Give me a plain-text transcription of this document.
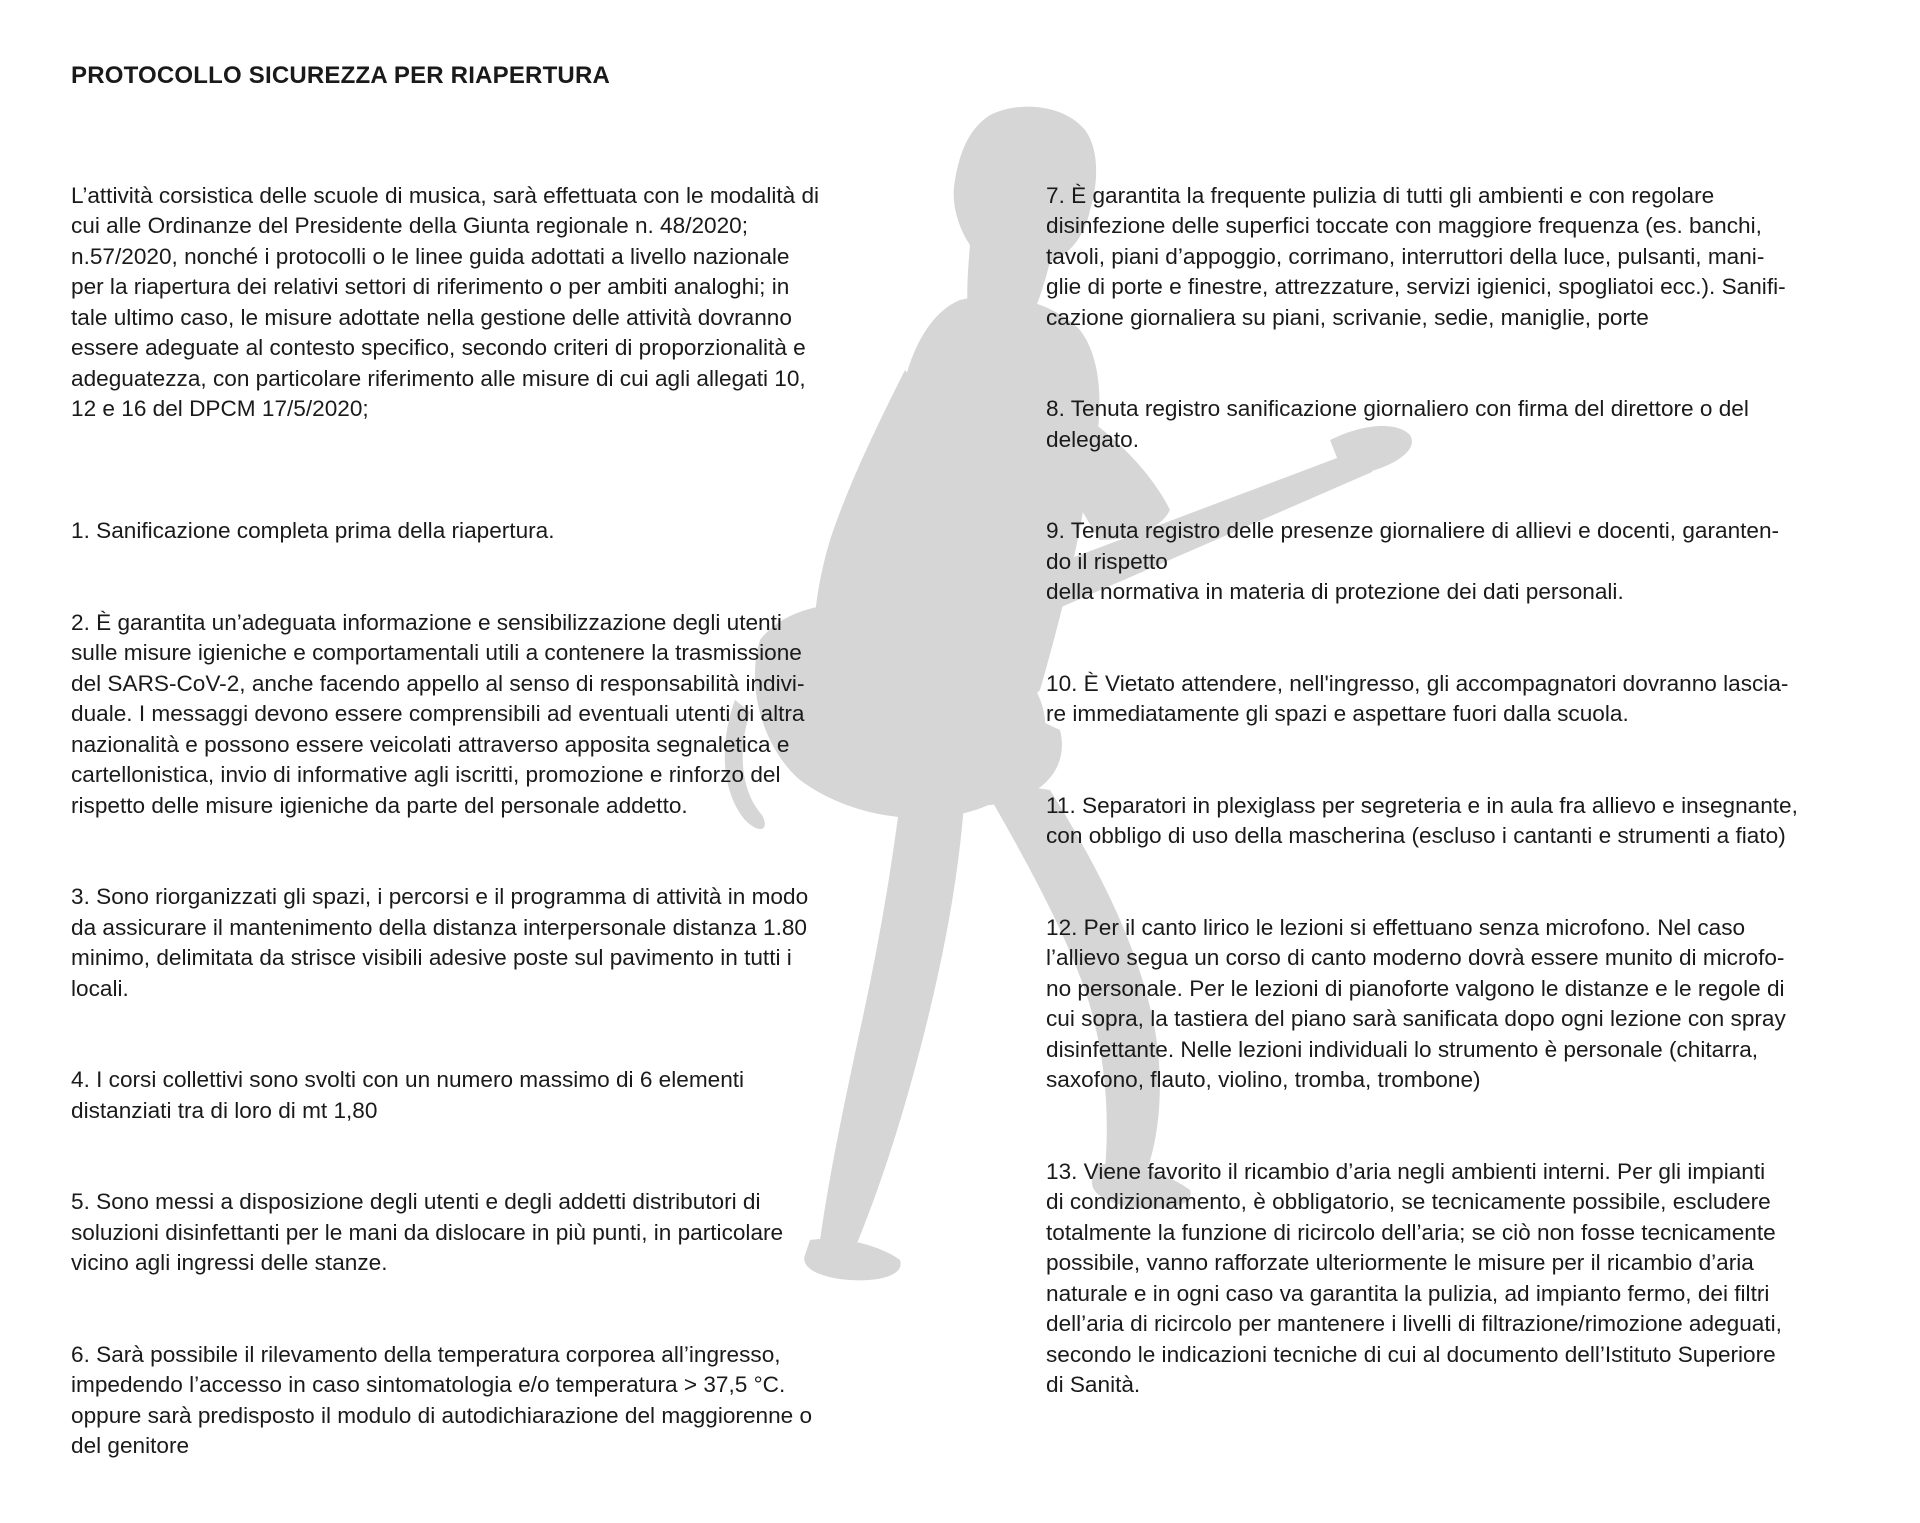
PROTOCOLLO SICUREZZA PER RIAPERTURA

L’attività corsistica delle scuole di musica, sarà effettuata con le modalità di
cui alle Ordinanze del Presidente della Giunta regionale n. 48/2020;
n.57/2020, nonché i protocolli o le linee guida adottati a livello nazionale
per la riapertura dei relativi settori di riferimento o per ambiti analoghi; in
tale ultimo caso, le misure adottate nella gestione delle attività dovranno
essere adeguate al contesto specifico, secondo criteri di proporzionalità e
adeguatezza, con particolare riferimento alle misure di cui agli allegati 10,
12 e 16 del DPCM 17/5/2020;

1. Sanificazione completa prima della riapertura.

2. È garantita un’adeguata informazione e sensibilizzazione degli utenti
sulle misure igieniche e comportamentali utili a contenere la trasmissione
del SARS-CoV-2, anche facendo appello al senso di responsabilità indivi-
duale. I messaggi devono essere comprensibili ad eventuali utenti di altra
nazionalità e possono essere veicolati attraverso apposita segnaletica e
cartellonistica, invio di informative agli iscritti, promozione e rinforzo del
rispetto delle misure igieniche da parte del personale addetto.

3. Sono riorganizzati gli spazi, i percorsi e il programma di attività in modo
da assicurare il mantenimento della distanza interpersonale distanza 1.80
minimo, delimitata da strisce visibili adesive poste sul pavimento in tutti i
locali.

4. I corsi collettivi sono svolti con un numero massimo di 6 elementi
distanziati tra di loro di mt 1,80

5. Sono messi a disposizione degli utenti e degli addetti distributori di
soluzioni disinfettanti per le mani da dislocare in più punti, in particolare
vicino agli ingressi delle stanze.

6. Sarà possibile il rilevamento della temperatura corporea all’ingresso,
impedendo l’accesso in caso sintomatologia e/o temperatura > 37,5 °C.
oppure sarà predisposto il modulo di autodichiarazione del maggiorenne o
del genitore

7. È garantita la frequente pulizia di tutti gli ambienti e con regolare
disinfezione delle superfici toccate con maggiore frequenza (es. banchi,
tavoli, piani d’appoggio, corrimano, interruttori della luce, pulsanti, mani-
glie di porte e finestre, attrezzature, servizi igienici, spogliatoi ecc.). Sanifi-
cazione giornaliera su piani, scrivanie, sedie, maniglie, porte

8. Tenuta registro sanificazione giornaliero con firma del direttore o del
delegato.

9. Tenuta registro delle presenze giornaliere di allievi e docenti, garanten-
do il rispetto
della normativa in materia di protezione dei dati personali.

10. È Vietato attendere, nell'ingresso, gli accompagnatori dovranno lascia-
re immediatamente gli spazi e aspettare fuori dalla scuola.

11. Separatori in plexiglass per segreteria e in aula fra allievo e insegnante,
con obbligo di uso della mascherina (escluso i cantanti e strumenti a fiato)

12. Per il canto lirico le lezioni si effettuano senza microfono. Nel caso
l’allievo segua un corso di canto moderno dovrà essere munito di microfo-
no personale. Per le lezioni di pianoforte valgono le distanze e le regole di
cui sopra, la tastiera del piano sarà sanificata dopo ogni lezione con spray
disinfettante. Nelle lezioni individuali lo strumento è personale (chitarra,
saxofono, flauto, violino, tromba, trombone)

13. Viene favorito il ricambio d’aria negli ambienti interni. Per gli impianti
di condizionamento, è obbligatorio, se tecnicamente possibile, escludere
totalmente la funzione di ricircolo dell’aria; se ciò non fosse tecnicamente
possibile, vanno rafforzate ulteriormente le misure per il ricambio d’aria
naturale e in ogni caso va garantita la pulizia, ad impianto fermo, dei filtri
dell’aria di ricircolo per mantenere i livelli di filtrazione/rimozione adeguati,
secondo le indicazioni tecniche di cui al documento dell’Istituto Superiore
di Sanità.
